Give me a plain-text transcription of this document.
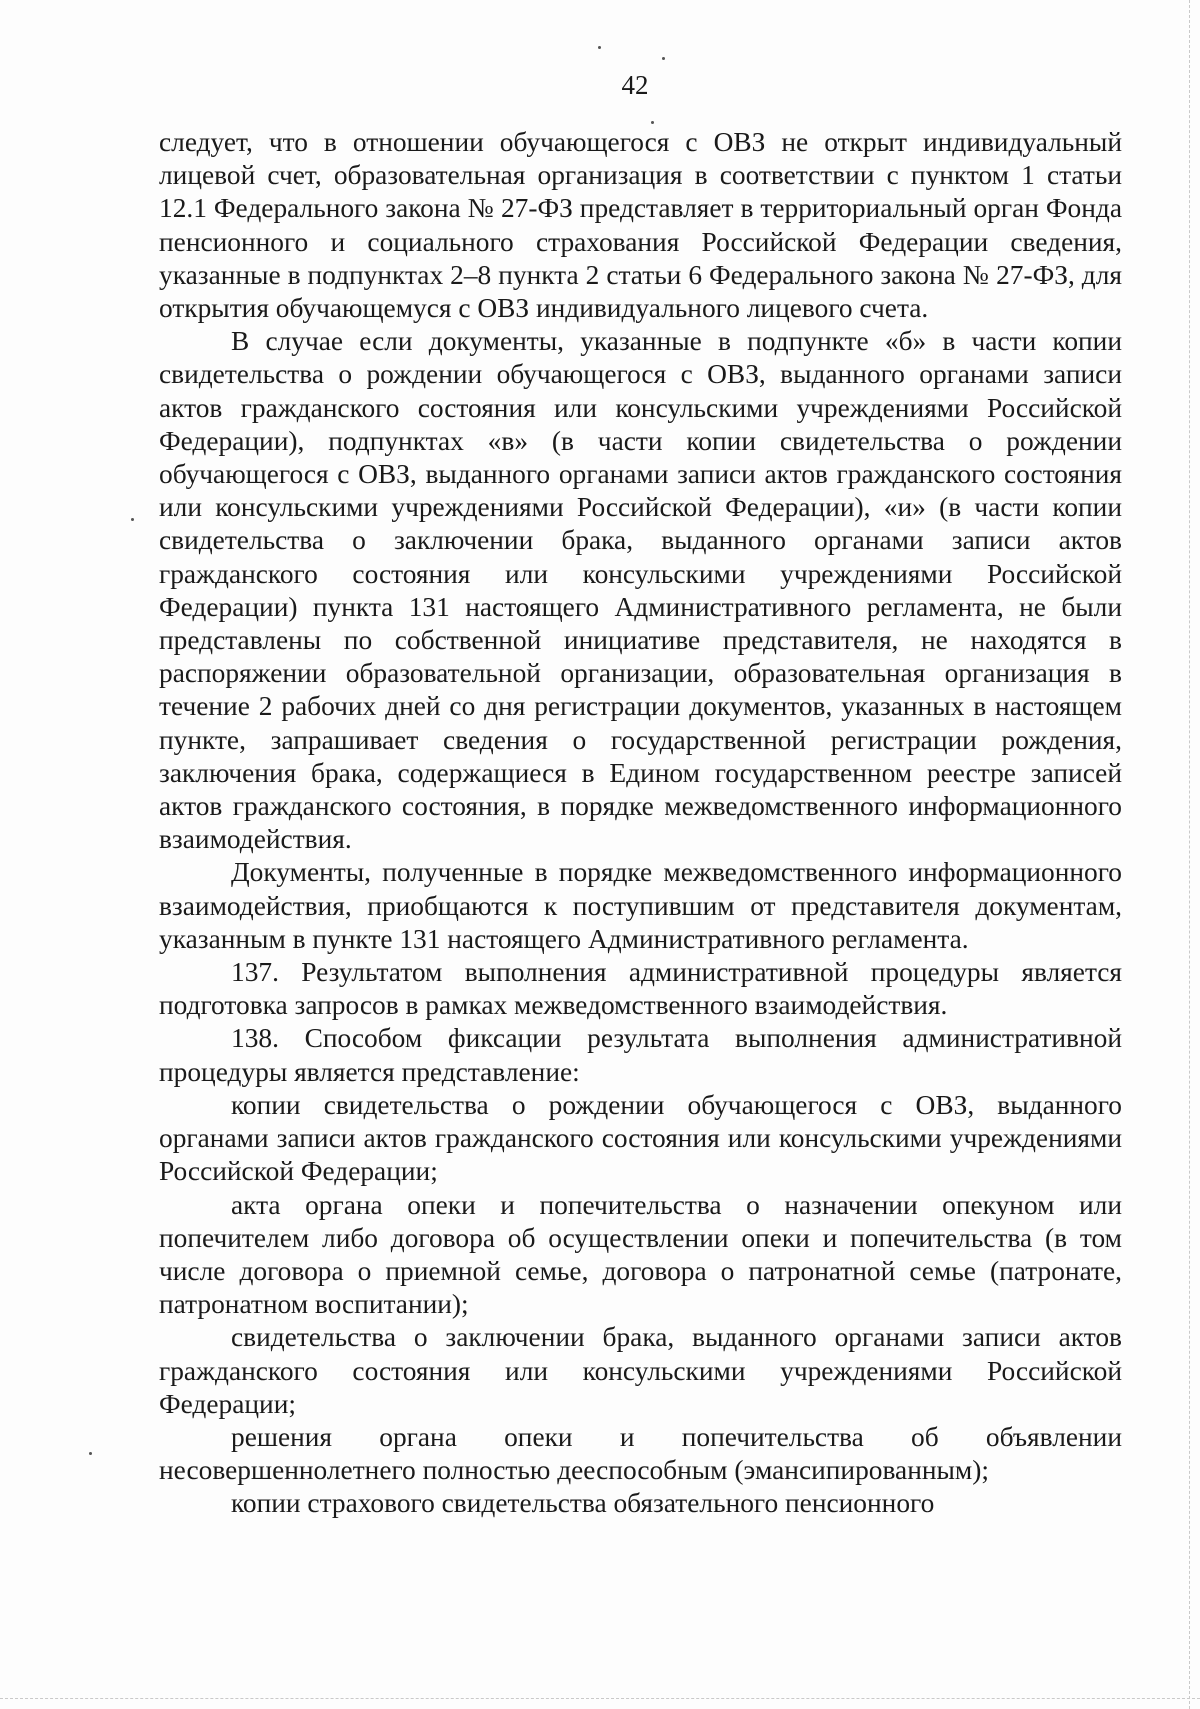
42

следует, что в отношении обучающегося с ОВЗ не открыт индивидуальный лицевой счет, образовательная организация в соответствии с пунктом 1 статьи 12.1 Федерального закона № 27-ФЗ представляет в территориальный орган Фонда пенсионного и социального страхования Российской Федерации сведения, указанные в подпунктах 2–8 пункта 2 статьи 6 Федерального закона № 27-ФЗ, для открытия обучающемуся с ОВЗ индивидуального лицевого счета.

В случае если документы, указанные в подпункте «б» в части копии свидетельства о рождении обучающегося с ОВЗ, выданного органами записи актов гражданского состояния или консульскими учреждениями Российской Федерации), подпунктах «в» (в части копии свидетельства о рождении обучающегося с ОВЗ, выданного органами записи актов гражданского состояния или консульскими учреждениями Российской Федерации), «и» (в части копии свидетельства о заключении брака, выданного органами записи актов гражданского состояния или консульскими учреждениями Российской Федерации) пункта 131 настоящего Административного регламента, не были представлены по собственной инициативе представителя, не находятся в распоряжении образовательной организации, образовательная организация в течение 2 рабочих дней со дня регистрации документов, указанных в настоящем пункте, запрашивает сведения о государственной регистрации рождения, заключения брака, содержащиеся в Едином государственном реестре записей актов гражданского состояния, в порядке межведомственного информационного взаимодействия.

Документы, полученные в порядке межведомственного информационного взаимодействия, приобщаются к поступившим от представителя документам, указанным в пункте 131 настоящего Административного регламента.

137. Результатом выполнения административной процедуры является подготовка запросов в рамках межведомственного взаимодействия.

138. Способом фиксации результата выполнения административной процедуры является представление:

копии свидетельства о рождении обучающегося с ОВЗ, выданного органами записи актов гражданского состояния или консульскими учреждениями Российской Федерации;

акта органа опеки и попечительства о назначении опекуном или попечителем либо договора об осуществлении опеки и попечительства (в том числе договора о приемной семье, договора о патронатной семье (патронате, патронатном воспитании);

свидетельства о заключении брака, выданного органами записи актов гражданского состояния или консульскими учреждениями Российской Федерации;

решения органа опеки и попечительства об объявлении несовершеннолетнего полностью дееспособным (эмансипированным);

копии страхового свидетельства обязательного пенсионного
